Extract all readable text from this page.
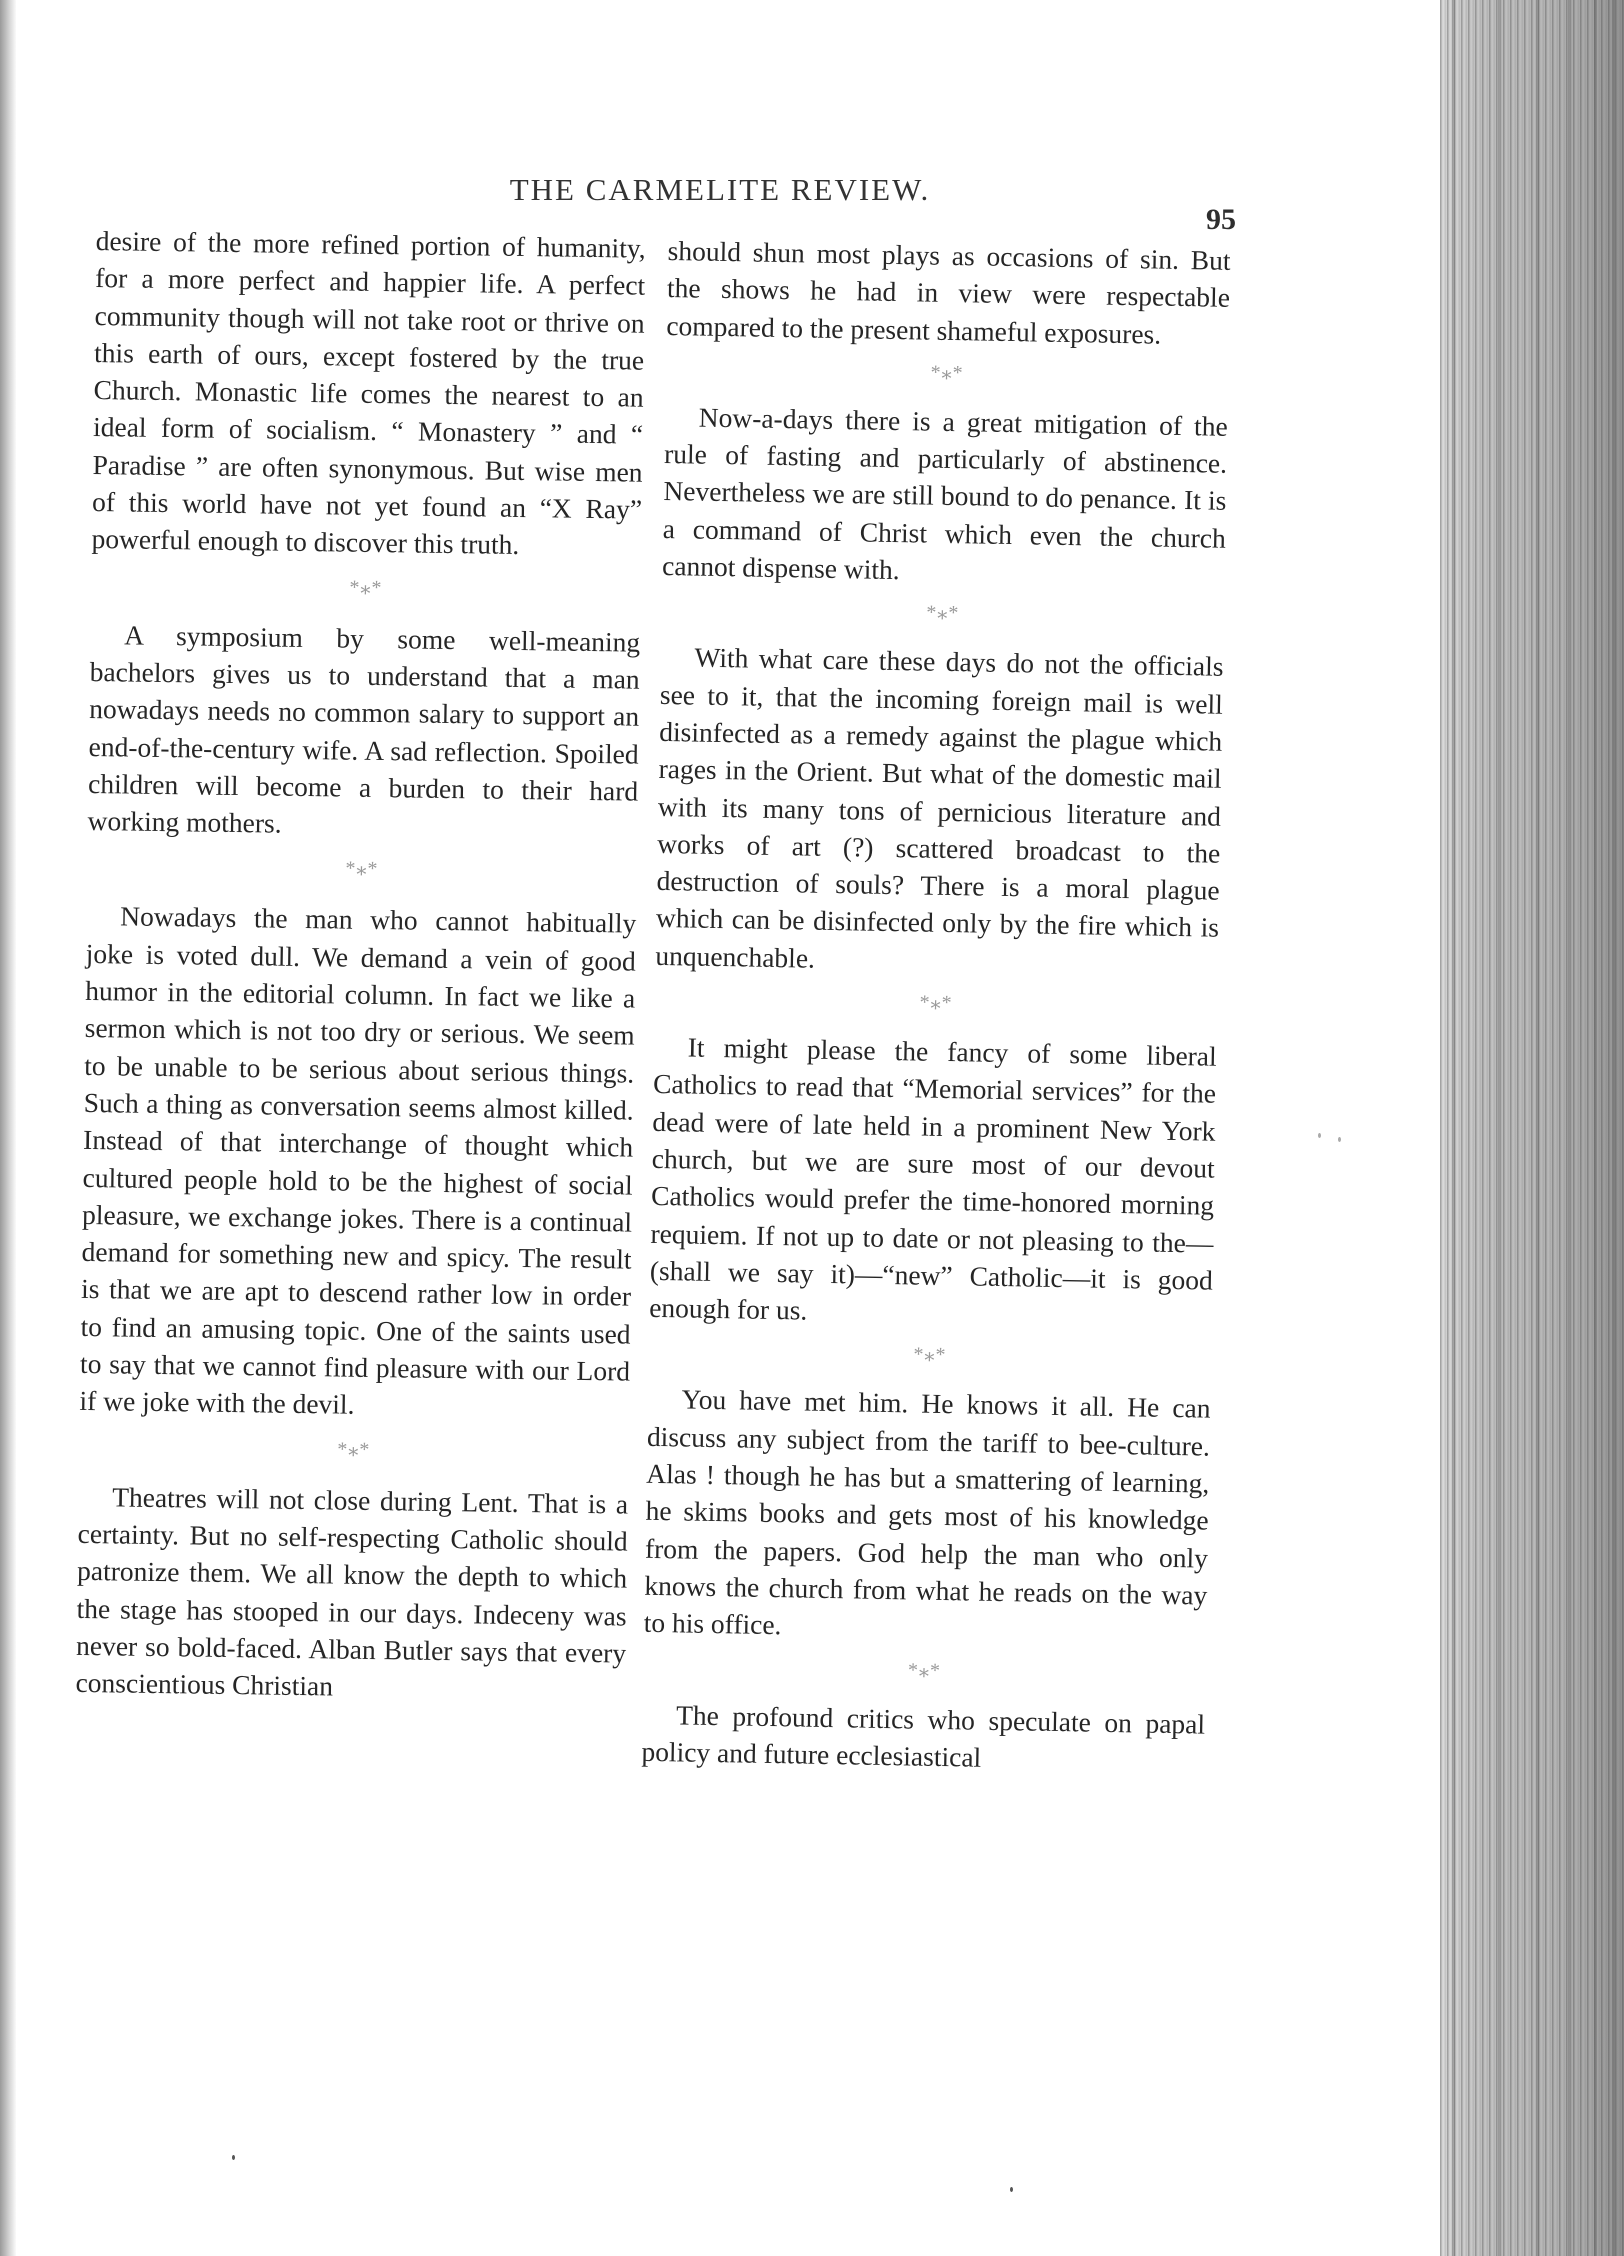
THE CARMELITE REVIEW.
95

desire of the more refined portion of humanity, for a more perfect and happier life. A perfect community though will not take root or thrive on this earth of ours, except fostered by the true Church. Monastic life comes the nearest to an ideal form of socialism. “ Monastery ” and “ Paradise ” are often synonymous. But wise men of this world have not yet found an “X Ray” powerful enough to discover this truth.

*⁎*

A symposium by some well-meaning bachelors gives us to understand that a man nowadays needs no common salary to support an end-of-the-century wife. A sad reflection. Spoiled children will become a burden to their hard working mothers.

*⁎*

Nowadays the man who cannot habitually joke is voted dull. We demand a vein of good humor in the editorial column. In fact we like a sermon which is not too dry or serious. We seem to be unable to be serious about serious things. Such a thing as conversation seems almost killed. Instead of that interchange of thought which cultured people hold to be the highest of social pleasure, we exchange jokes. There is a continual demand for something new and spicy. The result is that we are apt to descend rather low in order to find an amusing topic. One of the saints used to say that we cannot find pleasure with our Lord if we joke with the devil.

*⁎*

Theatres will not close during Lent. That is a certainty. But no self-respecting Catholic should patronize them. We all know the depth to which the stage has stooped in our days. Indeceny was never so bold-faced. Alban Butler says that every conscientious Christian

should shun most plays as occasions of sin. But the shows he had in view were respectable compared to the present shameful exposures.

*⁎*

Now-a-days there is a great mitigation of the rule of fasting and particularly of abstinence. Nevertheless we are still bound to do penance. It is a command of Christ which even the church cannot dispense with.

*⁎*

With what care these days do not the officials see to it, that the incoming foreign mail is well disinfected as a remedy against the plague which rages in the Orient. But what of the domestic mail with its many tons of pernicious literature and works of art (?) scattered broadcast to the destruction of souls? There is a moral plague which can be disinfected only by the fire which is unquenchable.

*⁎*

It might please the fancy of some liberal Catholics to read that “Memorial services” for the dead were of late held in a prominent New York church, but we are sure most of our devout Catholics would prefer the time-honored morning requiem. If not up to date or not pleasing to the—(shall we say it)—“new” Catholic—it is good enough for us.

*⁎*

You have met him. He knows it all. He can discuss any subject from the tariff to bee-culture. Alas ! though he has but a smattering of learning, he skims books and gets most of his knowledge from the papers. God help the man who only knows the church from what he reads on the way to his office.

*⁎*

The profound critics who speculate on papal policy and future ecclesiastical
